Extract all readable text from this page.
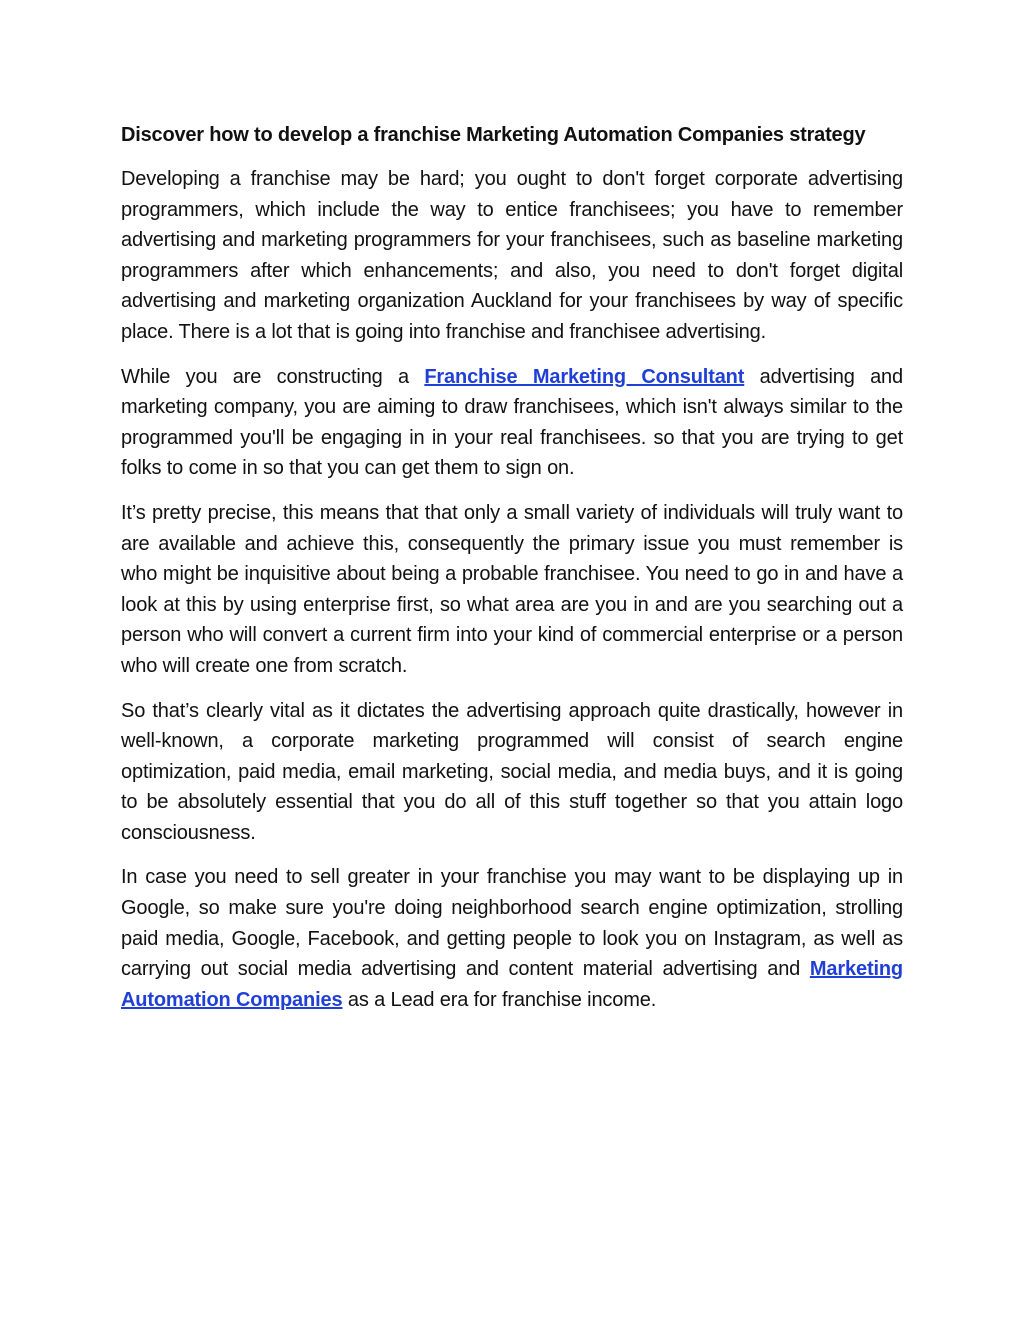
Discover how to develop a franchise Marketing Automation Companies strategy

Developing a franchise may be hard; you ought to don't forget corporate advertising programmers, which include the way to entice franchisees; you have to remember advertising and marketing programmers for your franchisees, such as baseline marketing programmers after which enhancements; and also, you need to don't forget digital advertising and marketing organization Auckland for your franchisees by way of specific place. There is a lot that is going into franchise and franchisee advertising.

While you are constructing a Franchise Marketing Consultant advertising and marketing company, you are aiming to draw franchisees, which isn't always similar to the programmed you'll be engaging in in your real franchisees. so that you are trying to get folks to come in so that you can get them to sign on.

It’s pretty precise, this means that that only a small variety of individuals will truly want to are available and achieve this, consequently the primary issue you must remember is who might be inquisitive about being a probable franchisee. You need to go in and have a look at this by using enterprise first, so what area are you in and are you searching out a person who will convert a current firm into your kind of commercial enterprise or a person who will create one from scratch.

So that’s clearly vital as it dictates the advertising approach quite drastically, however in well-known, a corporate marketing programmed will consist of search engine optimization, paid media, email marketing, social media, and media buys, and it is going to be absolutely essential that you do all of this stuff together so that you attain logo consciousness.

In case you need to sell greater in your franchise you may want to be displaying up in Google, so make sure you're doing neighborhood search engine optimization, strolling paid media, Google, Facebook, and getting people to look you on Instagram, as well as carrying out social media advertising and content material advertising and Marketing Automation Companies as a Lead era for franchise income.
